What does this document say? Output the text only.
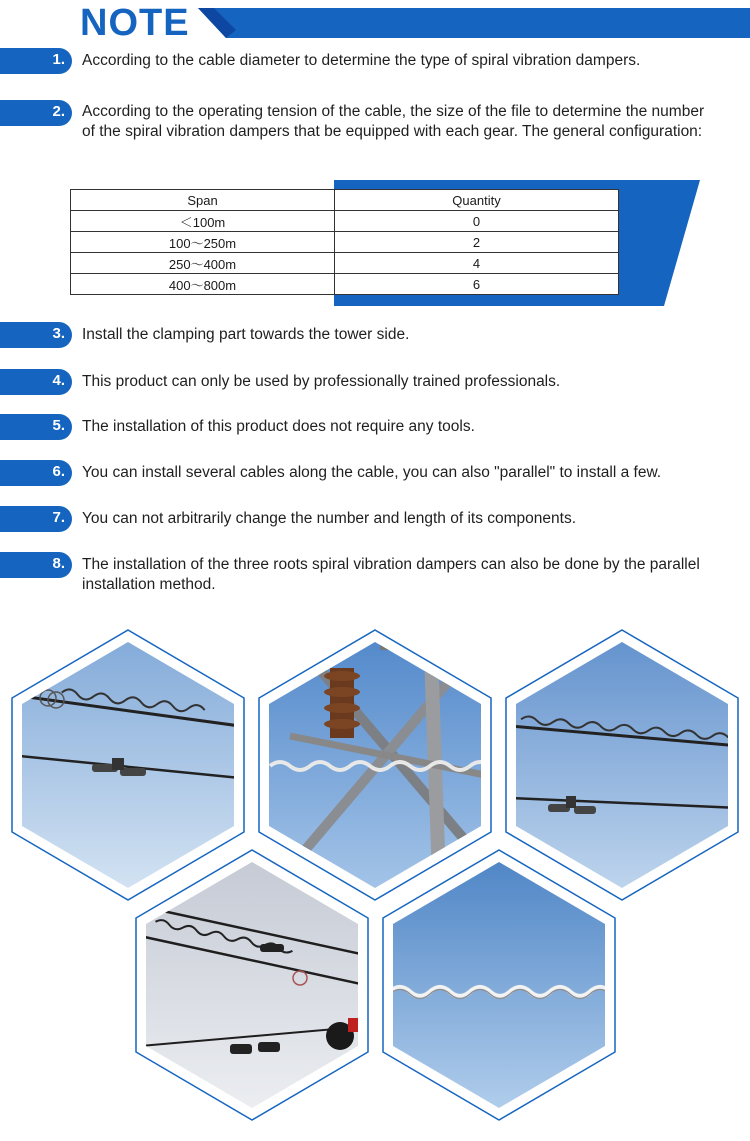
NOTE
1. According to the cable diameter to determine the type of spiral vibration dampers.
2. According to the operating tension of the cable, the size of the file to determine the number of the spiral vibration dampers that be equipped with each gear. The general configuration:
Span	Quantity
＜100m	0
100～250m	2
250～400m	4
400～800m	6
3. Install the clamping part towards the tower side.
4. This product can only be used by professionally trained professionals.
5. The installation of this product does not require any tools.
6. You can install several cables along the cable, you can also "parallel" to install a few.
7. You can not arbitrarily change the number and length of its components.
8. The installation of the three roots spiral vibration dampers can also be done by the parallel installation method.
